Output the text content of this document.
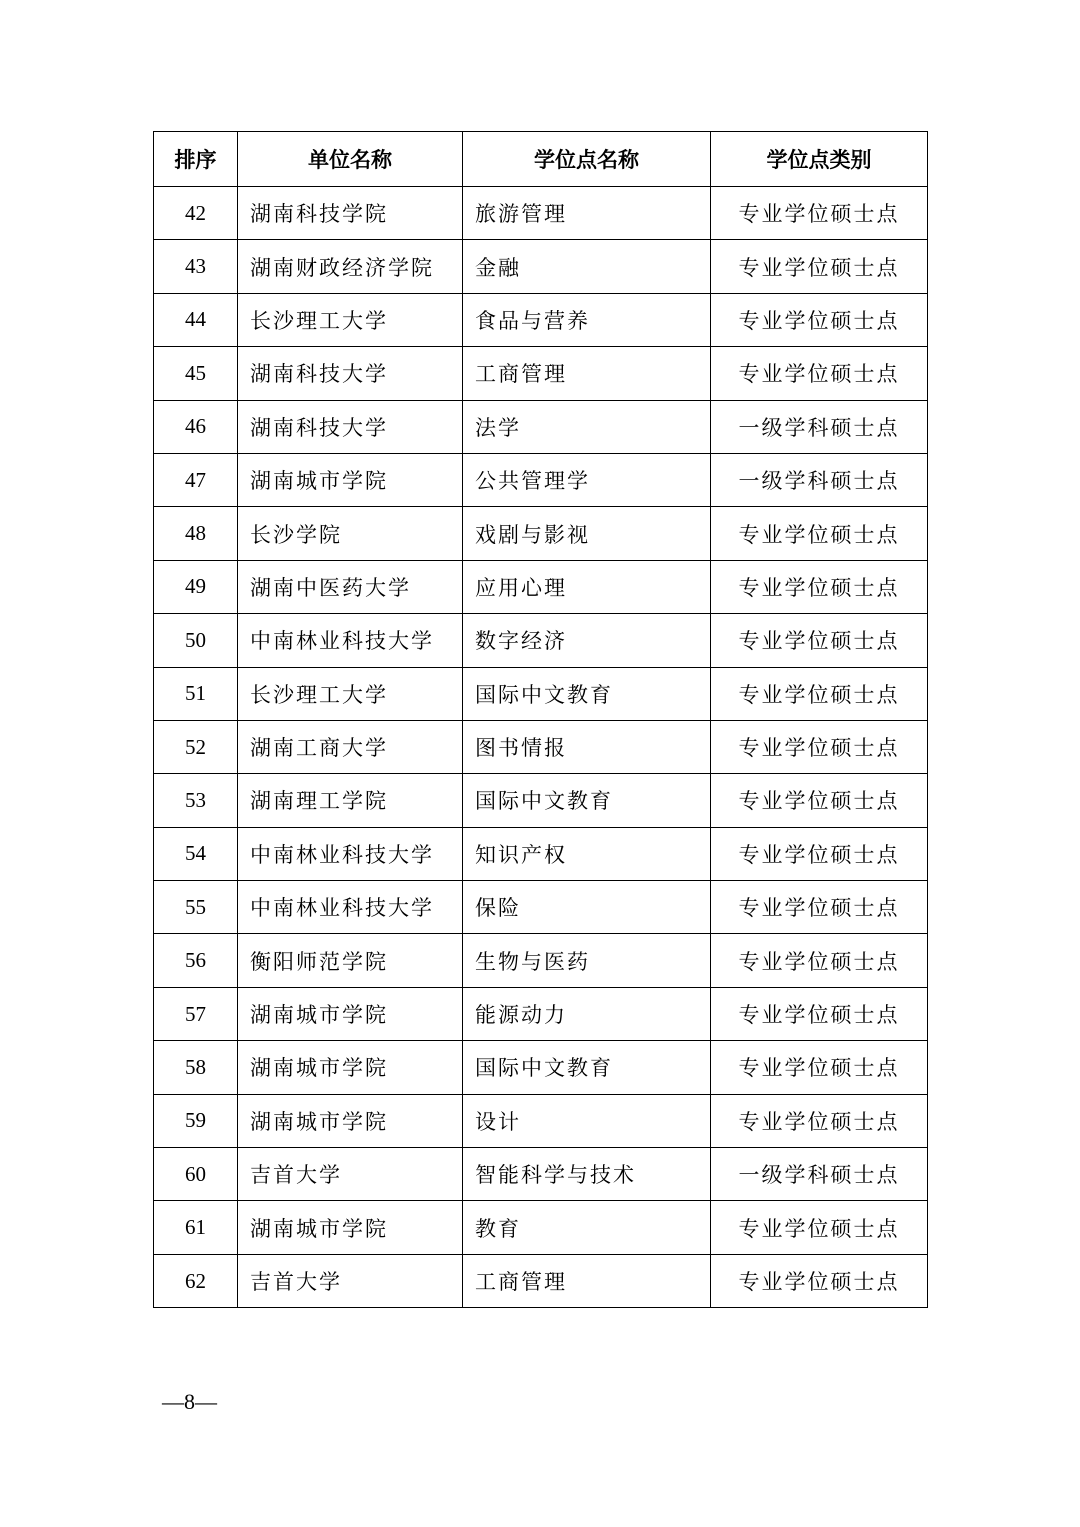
排序	单位名称	学位点名称	学位点类别
42	湖南科技学院	旅游管理	专业学位硕士点
43	湖南财政经济学院	金融	专业学位硕士点
44	长沙理工大学	食品与营养	专业学位硕士点
45	湖南科技大学	工商管理	专业学位硕士点
46	湖南科技大学	法学	一级学科硕士点
47	湖南城市学院	公共管理学	一级学科硕士点
48	长沙学院	戏剧与影视	专业学位硕士点
49	湖南中医药大学	应用心理	专业学位硕士点
50	中南林业科技大学	数字经济	专业学位硕士点
51	长沙理工大学	国际中文教育	专业学位硕士点
52	湖南工商大学	图书情报	专业学位硕士点
53	湖南理工学院	国际中文教育	专业学位硕士点
54	中南林业科技大学	知识产权	专业学位硕士点
55	中南林业科技大学	保险	专业学位硕士点
56	衡阳师范学院	生物与医药	专业学位硕士点
57	湖南城市学院	能源动力	专业学位硕士点
58	湖南城市学院	国际中文教育	专业学位硕士点
59	湖南城市学院	设计	专业学位硕士点
60	吉首大学	智能科学与技术	一级学科硕士点
61	湖南城市学院	教育	专业学位硕士点
62	吉首大学	工商管理	专业学位硕士点
—8—
